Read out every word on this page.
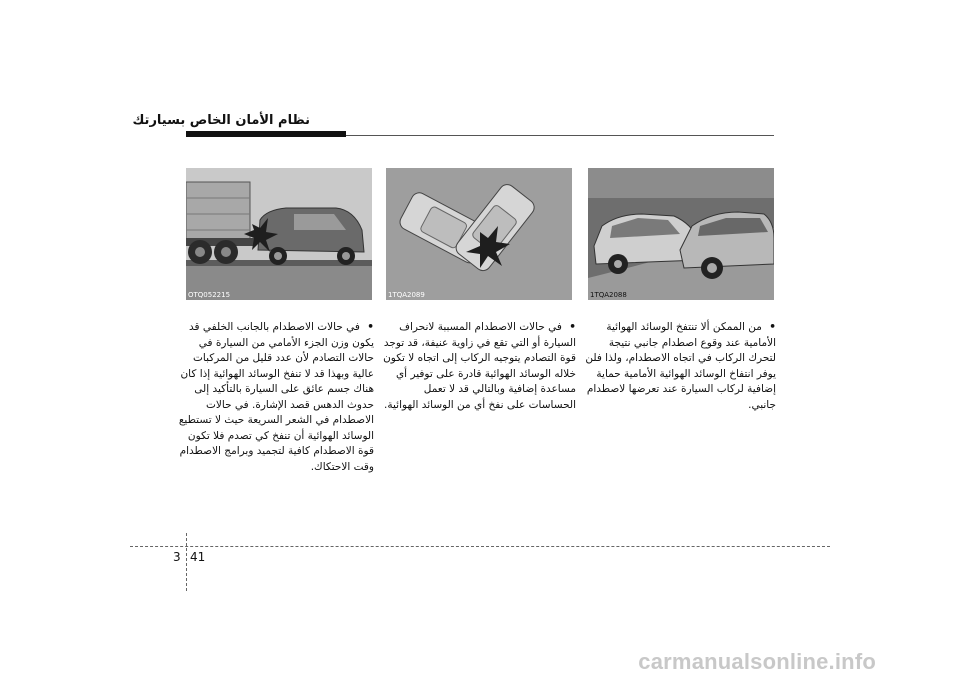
نظام الأمان الخاص بسيارتك
OTQ052215	1TQA2089	1TQA2088
• في حالات الاصطدام بالجانب الخلفي قد يكون وزن الجزء الأمامي من السيارة في حالات التصادم لأن عدد قليل من المركبات عالية وبهذا قد لا تنفخ الوسائد الهوائية إذا كان هناك جسم عائق على السيارة بالتأكيد إلى حدوث الدهس قصد الإشارة. في حالات الاصطدام في الشعر السريعة حيث لا تستطيع الوسائد الهوائية أن تنفخ كي تصدم فلا تكون قوة الاصطدام كافية لتجميد وبرامج الاصطدام وقت الاحتكاك.
• في حالات الاصطدام المسببة لانحراف السيارة أو التي تقع في زاوية عنيفة، قد توجد قوة التصادم يتوجيه الركاب إلى اتجاه لا تكون خلاله الوسائد الهوائية قادرة على توفير أي مساعدة إضافية وبالتالي قد لا تعمل الحساسات على نفخ أي من الوسائد الهوائية.
• من الممكن ألا تنتفخ الوسائد الهوائية الأمامية عند وقوع اصطدام جانبي نتيجة لتحرك الركاب في اتجاه الاصطدام، ولذا فلن يوفر انتفاخ الوسائد الهوائية الأمامية حماية إضافية لركاب السيارة عند تعرضها لاصطدام جانبي.
3 41
carmanualsonline.info
